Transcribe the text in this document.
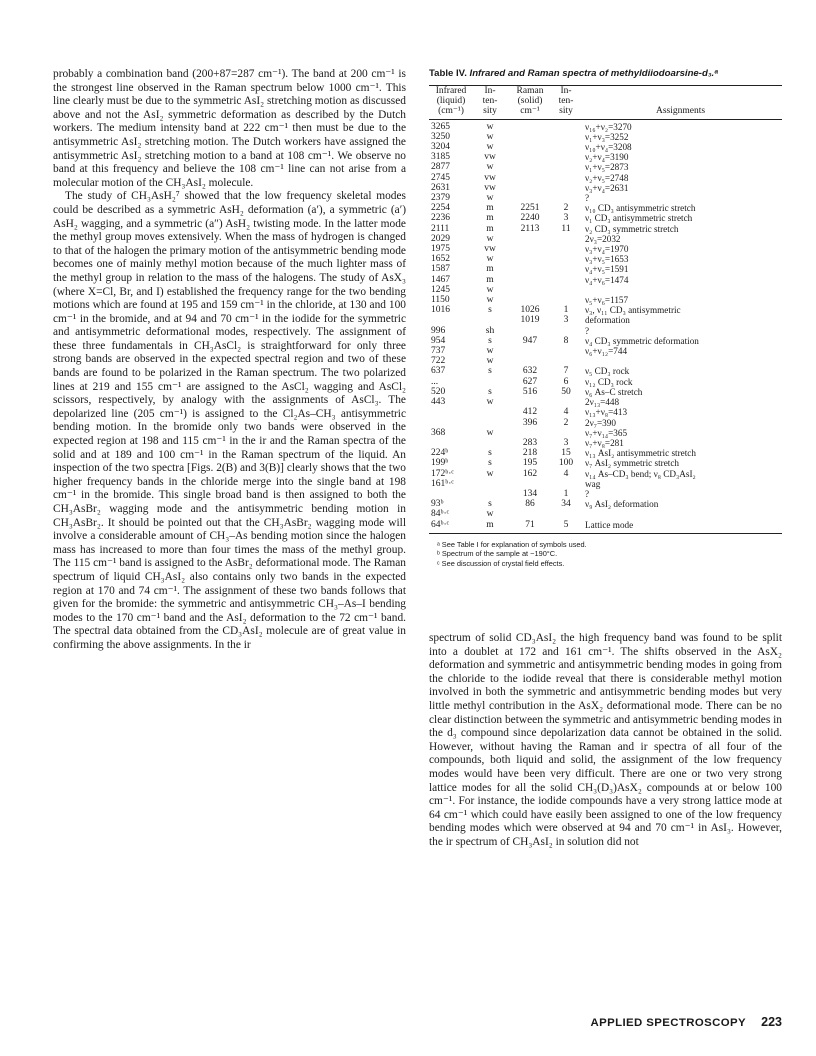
probably a combination band (200+87=287 cm⁻¹). The band at 200 cm⁻¹ is the strongest line observed in the Raman spectrum below 1000 cm⁻¹. This line clearly must be due to the symmetric AsI₂ stretching motion as discussed above and not the AsI₂ symmetric deformation as described by the Dutch workers. The medium intensity band at 222 cm⁻¹ then must be due to the antisymmetric AsI₂ stretching motion. The Dutch workers have assigned the antisymmetric AsI₂ stretching motion to a band at 108 cm⁻¹. We observe no band at this frequency and believe the 108 cm⁻¹ line can not arise from a molecular motion of the CH₃AsI₂ molecule.

The study of CH₃AsH₂⁷ showed that the low frequency skeletal modes could be described as a symmetric AsH₂ deformation (a′), a symmetric (a′) AsH₂ wagging, and a symmetric (a″) AsH₂ twisting mode. In the latter mode the methyl group moves extensively. When the mass of hydrogen is changed to that of the halogen the primary motion of the antisymmetric bending mode becomes one of mainly methyl motion because of the much lighter mass of the methyl group in relation to the mass of the halogens. The study of AsX₃ (where X=Cl, Br, and I) established the frequency range for the two bending motions which are found at 195 and 159 cm⁻¹ in the chloride, at 130 and 100 cm⁻¹ in the bromide, and at 94 and 70 cm⁻¹ in the iodide for the symmetric and antisymmetric deformational modes, respectively. The assignment of these three fundamentals in CH₃AsCl₂ is straightforward for only three strong bands are observed in the expected spectral region and two of these bands are found to be polarized in the Raman spectrum. The two polarized lines at 219 and 155 cm⁻¹ are assigned to the AsCl₂ wagging and AsCl₂ scissors, respectively, by analogy with the assignments of AsCl₃. The depolarized line (205 cm⁻¹) is assigned to the Cl₂As–CH₃ antisymmetric bending motion. In the bromide only two bands were observed in the expected region at 198 and 115 cm⁻¹ in the ir and the Raman spectra of the solid and at 189 and 100 cm⁻¹ in the Raman spectrum of the liquid. An inspection of the two spectra [Figs. 2(B) and 3(B)] clearly shows that the two higher frequency bands in the chloride merge into the single band at 198 cm⁻¹ in the bromide. This single broad band is then assigned to both the CH₃AsBr₂ wagging mode and the antisymmetric bending motion in CH₃AsBr₂. It should be pointed out that the CH₃AsBr₂ wagging mode will involve a considerable amount of CH₃–As bending motion since the halogen mass has increased to more than four times the mass of the methyl group. The 115 cm⁻¹ band is assigned to the AsBr₂ deformational mode. The Raman spectrum of liquid CH₃AsI₂ also contains only two bands in the expected region at 170 and 74 cm⁻¹. The assignment of these two bands follows that given for the bromide: the symmetric and antisymmetric CH₃–As–I bending modes to the 170 cm⁻¹ band and the AsI₂ deformation to the 72 cm⁻¹ band. The spectral data obtained from the CD₃AsI₂ molecule are of great value in confirming the above assignments. In the ir

Table IV. Infrared and Raman spectra of methyldiiodoarsine-d₃.ᵃ
Infrared
(liquid)
(cm⁻¹)	In-
ten-
sity	Raman
(solid)
cm⁻¹	In-
ten-
sity	Assignments
3265	w			ν₁₆+ν₂=3270
3250	w			ν₁+ν₃=3252
3204	w			ν₁₀+ν₄=3208
3185	vw			ν₂+ν₄=3190
2877	w			ν₁+ν₅=2873
2745	vw			ν₂+ν₅=2748
2631	vw			ν₃+ν₄=2631
2379	w			?
2254	m	2251	2	ν₁₀ CD₃ antisymmetric stretch
2236	m	2240	3	ν₁ CD₃ antisymmetric stretch
2111	m	2113	11	ν₂ CD₃ symmetric stretch
2029	w			2ν₃=2032
1975	vw			ν₃+ν₄=1970
1652	w			ν₃+ν₅=1653
1587	m			ν₄+ν₅=1591
1467	m			ν₄+ν₆=1474
1245	w			
1150	w			ν₅+ν₆=1157
1016	s	1026	1	ν₃, ν₁₁ CD₃ antisymmetric
		1019	3	deformation
996	sh			?
954	s	947	8	ν₄ CD₃ symmetric deformation
737	w			ν₆+ν₁₂=744
722	w			
637	s	632	7	ν₅ CD₃ rock
...		627	6	ν₁₂ CD₃ rock
520	s	516	50	ν₆ As–C stretch
443	w			2ν₁₃=448
		412	4	ν₁₃+ν₈=413
		396	2	2ν₇=390
368	w			ν₇+ν₁₄=365
		283	3	ν₇+ν₈=281
224ᵇ	s	218	15	ν₁₃ AsI₂ antisymmetric stretch
199ᵇ	s	195	100	ν₇ AsI₂ symmetric stretch
172ᵇ·ᶜ	w	162	4	ν₁₄ As–CD₃ bend; ν₈ CD₃AsI₂
161ᵇ·ᶜ				wag
		134	1	?
93ᵇ	s	86	34	ν₉ AsI₂ deformation
84ᵇ·ᶜ	w			
64ᵇ·ᶜ	m	71	5	Lattice mode
ᵃ See Table I for explanation of symbols used.
ᵇ Spectrum of the sample at −190°C.
ᶜ See discussion of crystal field effects.

spectrum of solid CD₃AsI₂ the high frequency band was found to be split into a doublet at 172 and 161 cm⁻¹. The shifts observed in the AsX₂ deformation and symmetric and antisymmetric bending modes in going from the chloride to the iodide reveal that there is considerable methyl motion involved in both the symmetric and antisymmetric bending modes but very little methyl contribution in the AsX₂ deformational mode. There can be no clear distinction between the symmetric and antisymmetric bending modes in the d₃ compound since depolarization data cannot be obtained in the solid. However, without having the Raman and ir spectra of all four of the compounds, both liquid and solid, the assignment of the low frequency modes would have been very difficult. There are one or two very strong lattice modes for all the solid CH₃(D₃)AsX₂ compounds at or below 100 cm⁻¹. For instance, the iodide compounds have a very strong lattice mode at 64 cm⁻¹ which could have easily been assigned to one of the low frequency bending modes which were observed at 94 and 70 cm⁻¹ in AsI₃. However, the ir spectrum of CH₃AsI₂ in solution did not

APPLIED SPECTROSCOPY 223
